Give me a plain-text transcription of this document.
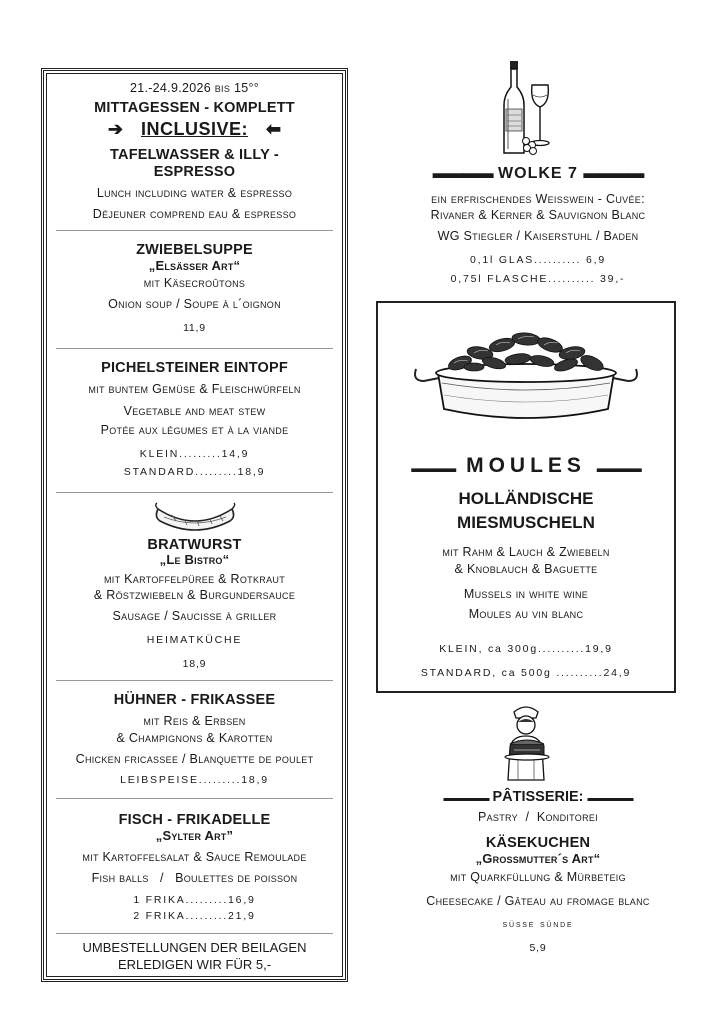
21.-24.9.2026 bis 15°°
MITTAGESSEN - KOMPLETT
➔ INCLUSIVE: ⬅
TAFELWASSER & ILLY -
ESPRESSO
Lunch including water & espresso
Déjeuner comprend eau & espresso
ZWIEBELSUPPE
„Elsässer Art“
mit Käsecroûtons
Onion soup / Soupe à l´oignon
11,9
PICHELSTEINER EINTOPF
mit buntem Gemüse & Fleischwürfeln
Vegetable and meat stew
Potée aux légumes et à la viande
KLEIN.........14,9
STANDARD.........18,9
BRATWURST
„Le Bistro“
mit Kartoffelpüree & Rotkraut
& Röstzwiebeln & Burgundersauce
Sausage / Saucisse à griller
HEIMATKÜCHE
18,9
HÜHNER - FRIKASSEE
mit Reis & Erbsen
& Champignons & Karotten
Chicken fricassee / Blanquette de poulet
LEIBSPEISE.........18,9
FISCH - FRIKADELLE
„Sylter Art”
mit Kartoffelsalat & Sauce Remoulade
Fish balls   /   Boulettes de poisson
1 FRIKA.........16,9
2 FRIKA.........21,9
UMBESTELLUNGEN DER BEILAGEN
ERLEDIGEN WIR FÜR 5,-
▬▬▬▬ WOLKE 7 ▬▬▬▬
ein erfrischendes Weisswein - Cuvée:
Rivaner & Kerner & Sauvignon Blanc
WG Stiegler / Kaiserstuhl / Baden
0,1l GLAS.......... 6,9
0,75l FLASCHE.......... 39,-
▬▬▬▬ MOULES ▬▬▬▬
HOLLÄNDISCHE
MIESMUSCHELN
mit Rahm & Lauch & Zwiebeln
& Knoblauch & Baguette
Mussels in white wine
Moules au vin blanc
KLEIN, ca 300g..........19,9
STANDARD, ca 500g ..........24,9
▬▬▬▬▬ PÂTISSERIE: ▬▬▬▬▬
Pastry  /  Konditorei
KÄSEKUCHEN
„Grossmutter´s Art“
mit Quarkfüllung & Mürbeteig
Cheesecake / Gâteau au fromage blanc
süsse sünde
5,9
